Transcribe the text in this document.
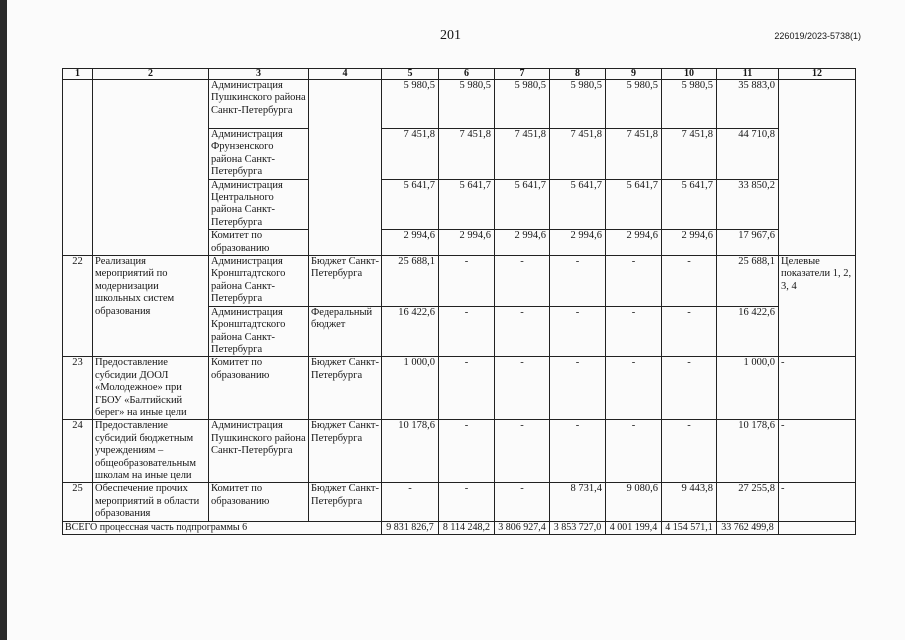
201	226019/2023-5738(1)
1	2	3	4	5	6	7	8	9	10	11	12
		Администрация Пушкинского района Санкт-Петербурга		5 980,5	5 980,5	5 980,5	5 980,5	5 980,5	5 980,5	35 883,0	
		Администрация Фрунзенского района Санкт-Петербурга		7 451,8	7 451,8	7 451,8	7 451,8	7 451,8	7 451,8	44 710,8	
		Администрация Центрального района Санкт-Петербурга		5 641,7	5 641,7	5 641,7	5 641,7	5 641,7	5 641,7	33 850,2	
		Комитет по образованию		2 994,6	2 994,6	2 994,6	2 994,6	2 994,6	2 994,6	17 967,6	
22	Реализация мероприятий по модернизации школьных систем образования	Администрация Кронштадтского района Санкт-Петербурга	Бюджет Санкт-Петербурга	25 688,1	-	-	-	-	-	25 688,1	Целевые показатели 1, 2, 3, 4
		Администрация Кронштадтского района Санкт-Петербурга	Федеральный бюджет	16 422,6	-	-	-	-	-	16 422,6	
23	Предоставление субсидии ДООЛ «Молодежное» при ГБОУ «Балтийский берег» на иные цели	Комитет по образованию	Бюджет Санкт-Петербурга	1 000,0	-	-	-	-	-	1 000,0	-
24	Предоставление субсидий бюджетным учреждениям – общеобразовательным школам на иные цели	Администрация Пушкинского района Санкт-Петербурга	Бюджет Санкт-Петербурга	10 178,6	-	-	-	-	-	10 178,6	-
25	Обеспечение прочих мероприятий в области образования	Комитет по образованию	Бюджет Санкт-Петербурга	-	-	-	8 731,4	9 080,6	9 443,8	27 255,8	-
ВСЕГО процессная часть подпрограммы 6				9 831 826,7	8 114 248,2	3 806 927,4	3 853 727,0	4 001 199,4	4 154 571,1	33 762 499,8	
